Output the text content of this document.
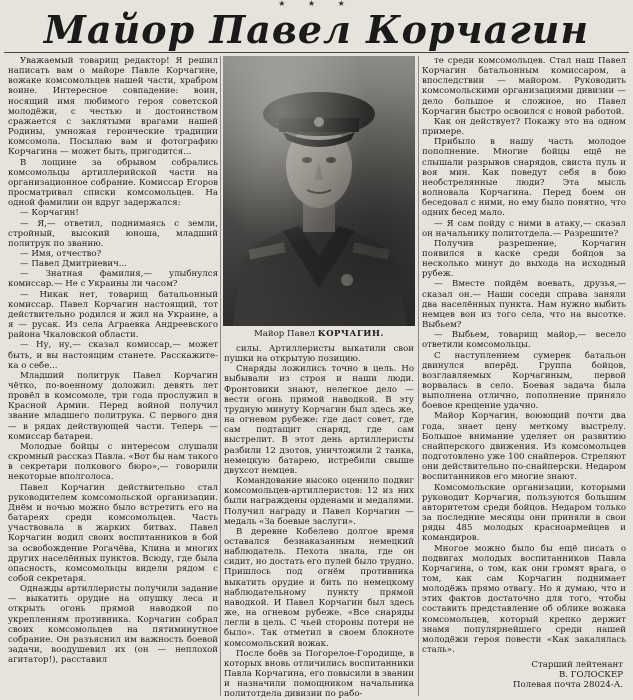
★ ★ ★
Майор Павел Корчагин

Уважаемый товарищ редактор! Я решил написать вам о майоре Павле Корчагине, вожаке комсомольцев нашей части, храбром воине. Интересное совпадение: воин, носящий имя любимого героя советской молодёжи, с честью и достоинством сражается с заклятыми врагами нашей Родины, умножая героические традиции комсомола. Посылаю вам и фотографию Корчагина — может быть, пригодится...

В лощине за обрывом собрались комсомольцы артиллерийской части на организационное собрание. Комиссар Егоров просматривал списки комсомольцев. На одной фамилии он вдруг задержался:

— Корчагин!

— Я,— ответил, поднимаясь с земли, стройный, высокий юноша, младший политрук по званию.

— Имя, отчество?

— Павел Дмитриевич...

— Знатная фамилия,— улыбнулся комиссар.— Не с Украины ли часом?

— Никак нет, товарищ батальонный комиссар. Павел Корчагин настоящий, тот действительно родился и жил на Украине, а я — русак. Из села Аграевка Андреевского района Чкаловской области.

— Ну, ну,— сказал комиссар,— может быть, и вы настоящим станете. Расскажите-ка о себе...

Младший политрук Павел Корчагин чётко, по-военному доложил: девять лет провёл в комсомоле, три года прослужил в Красной Армии. Перед войной получил звание младшего политрука. С первого дня — в рядах действующей части. Теперь — комиссар батареи.

Молодые бойцы с интересом слушали скромный рассказ Павла. «Вот бы нам такого в секретари полкового бюро»,— говорили некоторые вполголоса.

Павел Корчагин действительно стал руководителем комсомольской организации. Днём и ночью можно было встретить его на батареях среди комсомольцев. Часть участвовала в жарких битвах. Павел Корчагин водил своих воспитанников в бой за освобождение Рогачёва, Клина и многих других населённых пунктов. Всюду, где была опасность, комсомольцы видели рядом с собой секретаря.

Однажды артиллеристы получили задание — выкатить орудие на опушку леса и открыть огонь прямой наводкой по укреплениям противника. Корчагин собрал своих комсомольцев на пятиминутное собрание. Он разъяснил им важность боевой задачи, воодушевил их (он — неплохой агитатор!), расставил

Майор Павел КОРЧАГИН.

силы. Артиллеристы выкатили свои пушки на открытую позицию.

Снаряды ложились точно в цель. Но выбывали из строя и наши люди. Фронтовики знают, нелегкое дело — вести огонь прямой наводкой. В эту трудную минуту Корчагин был здесь же, на огневом рубеже: где даст совет, где сам подтащит снаряд, где сам выстрелит. В этот день артиллеристы разбили 12 дзотов, уничтожили 2 танка, немецкую батарею, истребили свыше двухсот немцев.

Командование высоко оценило подвиг комсомольцев-артиллеристов: 12 из них были награждены орденами и медалями. Получил награду и Павел Корчагин — медаль «За боевые заслуги».

В деревне Кобелево долгое время оставался безнаказанным немецкий наблюдатель. Пехота знала, где он сидит, но достать его пулей было трудно. Пришлось под огнём противника выкатить орудие и бить по немецкому наблюдательному пункту прямой наводкой. И Павел Корчагин был здесь же, на огневом рубеже. «Все снаряды легли в цель. С чьей стороны потери не было». Так отметил в своем блокноте комсомольский вожак.

После боёв за Погорелое-Городище, в которых вновь отличились воспитанники Павла Корчагина, его повысили в звании и назначили помощником начальника политотдела дивизии по рабо-

те среди комсомольцев. Стал наш Павел Корчагин батальонным комиссаром, а впоследствии — майором. Руководить комсомольскими организациями дивизии — дело большое и сложное, но Павел Корчагин быстро освоился с новой работой.

Как он действует? Покажу это на одном примере.

Прибыло в нашу часть молодое пополнение. Многие бойцы ещё не слышали разрывов снарядов, свиста пуль и воя мин. Как поведут себя в бою необстрелянные люди? Эта мысль волновала Корчагина. Перед боем он беседовал с ними, но ему было понятно, что одних бесед мало.

— Я сам пойду с ними в атаку,— сказал он начальнику политотдела.— Разрешите?

Получив разрешение, Корчагин появился в каске среди бойцов за несколько минут до выхода на исходный рубеж.

— Вместе пойдём воевать, друзья,— сказал он.— Наши соседи справа заняли два населённых пункта. Нам нужно выбить немцев вон из того села, что на высотке. Выбьем?

— Выбьем, товарищ майор,— весело ответили комсомольцы.

С наступлением сумерек батальон двинулся вперёд. Группа бойцов, возглавляемых Корчагиным, первой ворвалась в село. Боевая задача была выполнена отлично, пополнение приняло боевое крещение удачно.

Майор Корчагин, воюющий почти два года, знает цену меткому выстрелу. Большое внимание уделяет он развитию снайперского движения. Из комсомольцев подготовлено уже 100 снайперов. Стреляют они действительно по-снайперски. Недаром воспитанников его многие знают.

Комсомольские организации, которыми руководит Корчагин, пользуются большим авторитетом среди бойцов. Недаром только за последние месяцы они приняли в свои ряды 485 молодых красноармейцев и командиров.

Многое можно было бы ещё писать о подвигах молодых воспитанников Павла Корчагина, о том, как они громят врага, о том, как сам Корчагин поднимает молодёжь прямо отвагу. Но я думаю, что и этих фактов достаточно для того, чтобы составить представление об облике вожака комсомольцев, который крепко держит знамя популярнейшего среди нашей молодёжи героя повести «Как закалялась сталь».

Старший лейтенант
В. ГОЛОСКЕР
Полевая почта 28024-А.
